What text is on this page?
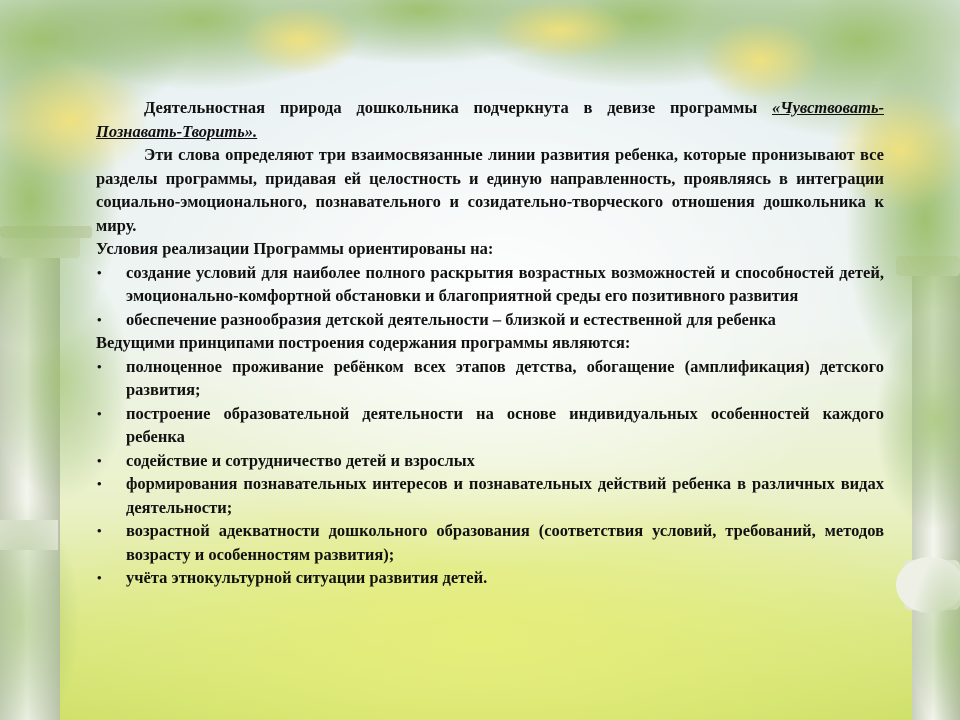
Деятельностная природа дошкольника подчеркнута в девизе программы «Чувствовать-Познавать-Творить».

Эти слова определяют три взаимосвязанные линии развития ребенка, которые пронизывают все разделы программы, придавая ей целостность и единую направленность, проявляясь в интеграции социально-эмоционального, познавательного и созидательно-творческого отношения дошкольника к миру.

Условия реализации Программы ориентированы на:

• создание условий для наиболее полного раскрытия возрастных возможностей и способностей детей, эмоционально-комфортной обстановки и благоприятной среды его позитивного развития
• обеспечение разнообразия детской деятельности – близкой и естественной для ребенка

Ведущими принципами построения содержания программы являются:

• полноценное проживание ребёнком всех этапов детства, обогащение (амплификация) детского развития;
• построение образовательной деятельности на основе индивидуальных особенностей каждого ребенка
• содействие и сотрудничество детей и взрослых
• формирования познавательных интересов и познавательных действий ребенка в различных видах деятельности;
• возрастной адекватности дошкольного образования (соответствия условий, требований, методов возрасту и особенностям развития);
• учёта этнокультурной ситуации развития детей.
